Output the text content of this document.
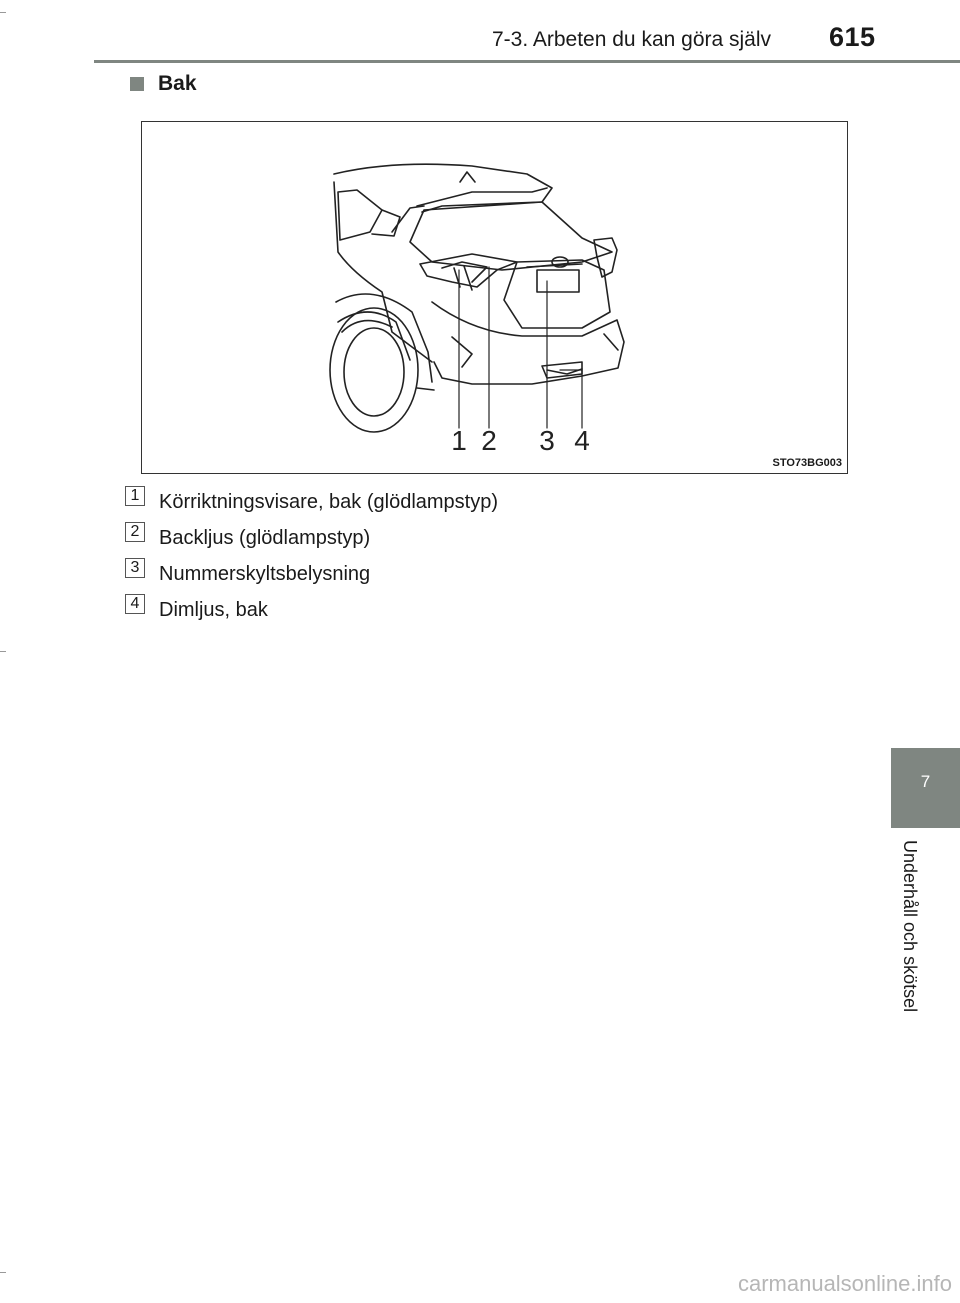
7-3. Arbeten du kan göra själv 615
Bak
1 2 3 4
STO73BG003
1 Körriktningsvisare, bak (glödlampstyp)
2 Backljus (glödlampstyp)
3 Nummerskyltsbelysning
4 Dimljus, bak
7
Underhåll och skötsel
carmanualsonline.info
